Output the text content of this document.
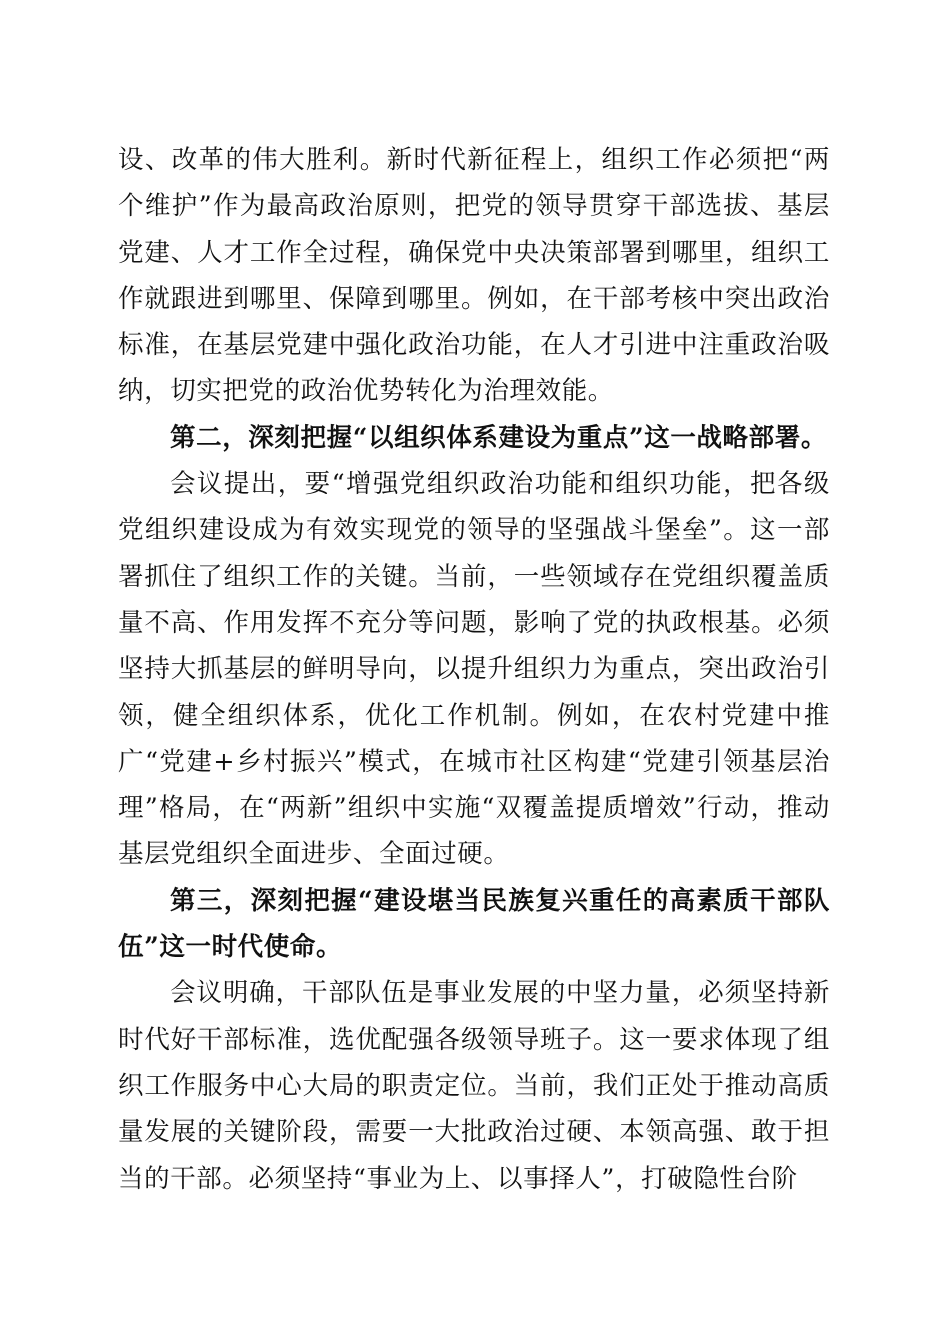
设、改革的伟大胜利。新时代新征程上，组织工作必须把“两个维护”作为最高政治原则，把党的领导贯穿干部选拔、基层党建、人才工作全过程，确保党中央决策部署到哪里，组织工作就跟进到哪里、保障到哪里。例如，在干部考核中突出政治标准，在基层党建中强化政治功能，在人才引进中注重政治吸纳，切实把党的政治优势转化为治理效能。

第二，深刻把握“以组织体系建设为重点”这一战略部署。

会议提出，要“增强党组织政治功能和组织功能，把各级党组织建设成为有效实现党的领导的坚强战斗堡垒”。这一部署抓住了组织工作的关键。当前，一些领域存在党组织覆盖质量不高、作用发挥不充分等问题，影响了党的执政根基。必须坚持大抓基层的鲜明导向，以提升组织力为重点，突出政治引领，健全组织体系，优化工作机制。例如，在农村党建中推广“党建+乡村振兴”模式，在城市社区构建“党建引领基层治理”格局，在“两新”组织中实施“双覆盖提质增效”行动，推动基层党组织全面进步、全面过硬。

第三，深刻把握“建设堪当民族复兴重任的高素质干部队伍”这一时代使命。

会议明确，干部队伍是事业发展的中坚力量，必须坚持新时代好干部标准，选优配强各级领导班子。这一要求体现了组织工作服务中心大局的职责定位。当前，我们正处于推动高质量发展的关键阶段，需要一大批政治过硬、本领高强、敢于担当的干部。必须坚持“事业为上、以事择人”，打破隐性台阶
